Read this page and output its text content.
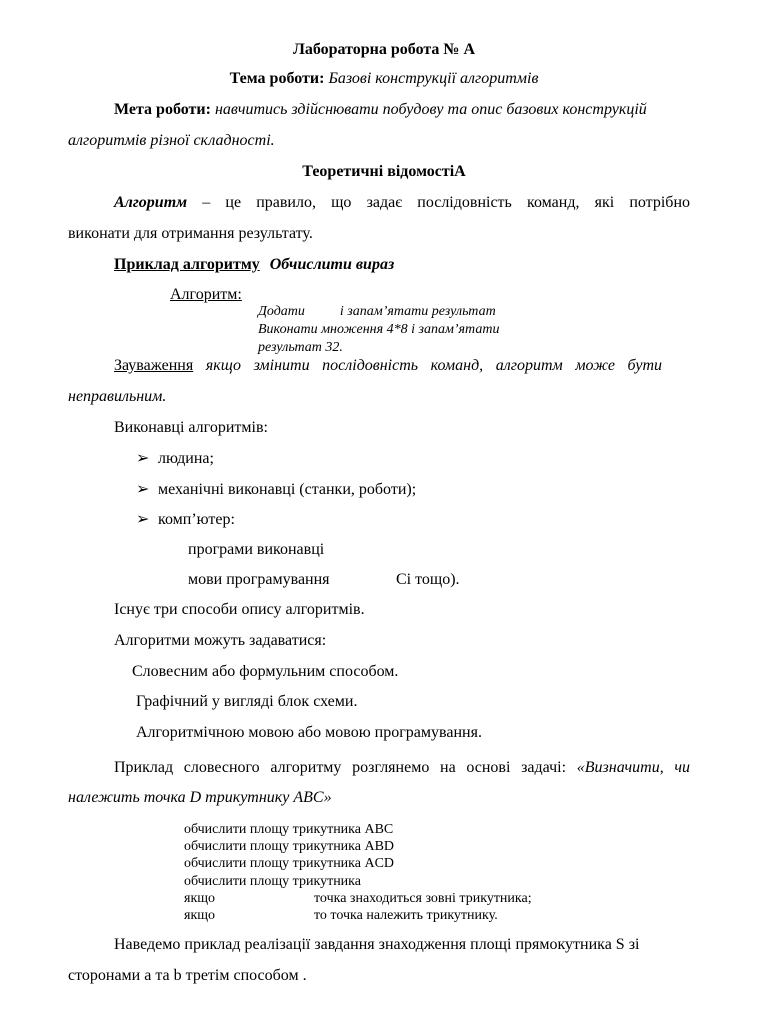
Лабораторна робота № А
Тема роботи: Базові конструкції алгоритмів
Мета роботи: навчитись здійснювати побудову та опис базових конструкцій
алгоритмів різної складності.
Теоретичні відомостіА
Алгоритм – це правило, що задає послідовність команд, які потрібно
виконати для отримання результату.
Приклад алгоритму Обчислити вираз
Алгоритм:
Додати          і запам’ятати результат
Виконати множення 4*8 і запам’ятати
результат 32.
Зауваження якщо змінити послідовність команд, алгоритм може бути
неправильним.
Виконавці алгоритмів:
➢ людина;
➢ механічні виконавці (станки, роботи);
➢ комп’ютер:
програми виконавці
мови програмування	Сі тощо).
Існує три способи опису алгоритмів.
Алгоритми можуть задаватися:
Словесним або формульним способом.
Графічний у вигляді блок схеми.
Алгоритмічною мовою або мовою програмування.
Приклад словесного алгоритму розглянемо на основі задачі: «Визначити, чи
належить точка D трикутнику ABC»
обчислити площу трикутника ABC
обчислити площу трикутника ABD
обчислити площу трикутника ACD
обчислити площу трикутника
якщо	точка знаходиться зовні трикутника;
якщо	то точка належить трикутнику.
Наведемо приклад реалізації завдання знаходження площі прямокутника S зі
сторонами a та b третім способом .
